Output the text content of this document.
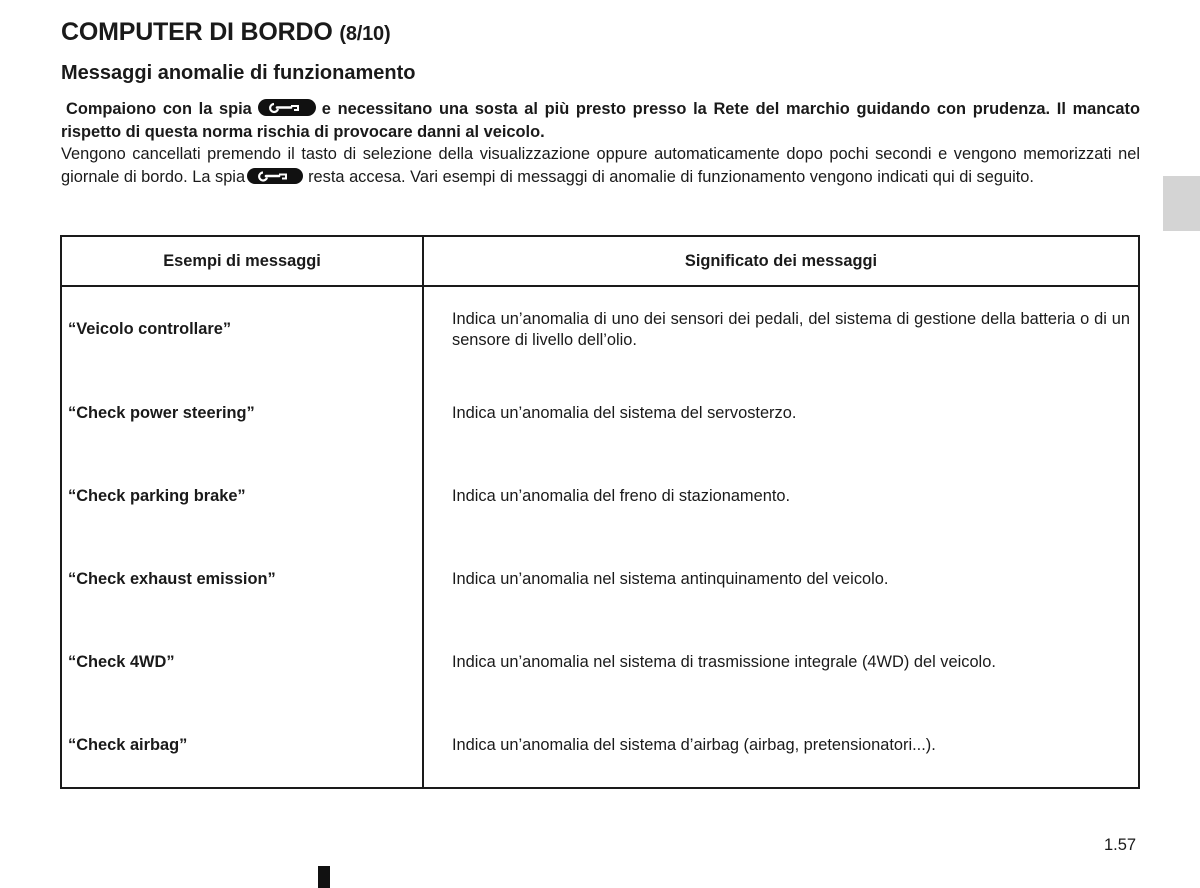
COMPUTER DI BORDO (8/10)
Messaggi anomalie di funzionamento
Compaiono con la spia	e necessitano una sosta al più presto presso la Rete del marchio guidando con prudenza. Il mancato rispetto di questa norma rischia di provocare danni al veicolo.
Vengono cancellati premendo il tasto di selezione della visualizzazione oppure automaticamente dopo pochi secondi e vengono memorizzati nel giornale di bordo. La spia	resta accesa. Vari esempi di messaggi di anomalie di funzionamento vengono indicati qui di seguito.
Esempi di messaggi	Significato dei messaggi

“Veicolo controllare”	Indica un’anomalia di uno dei sensori dei pedali, del sistema di gestione della batteria o di un sensore di livello dell’olio.

“Check power steering”	Indica un’anomalia del sistema del servosterzo.

“Check parking brake”	Indica un’anomalia del freno di stazionamento.

“Check exhaust emission”	Indica un’anomalia nel sistema antinquinamento del veicolo.

“Check 4WD”	Indica un’anomalia nel sistema di trasmissione integrale (4WD) del veicolo.

“Check airbag”	Indica un’anomalia del sistema d’airbag (airbag, pretensionatori...).
1.57
